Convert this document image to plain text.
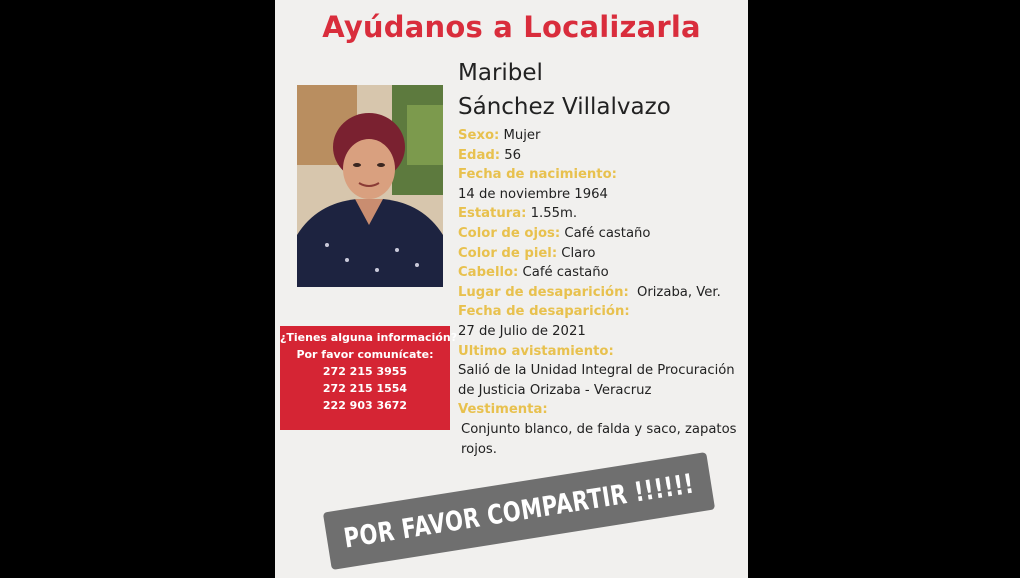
Ayúdanos a Localizarla
Maribel
Sánchez Villalvazo
Sexo: Mujer
Edad: 56
Fecha de nacimiento:
14 de noviembre 1964
Estatura: 1.55m.
Color de ojos: Café castaño
Color de piel: Claro
Cabello: Café castaño
Lugar de desaparición: Orizaba, Ver.
Fecha de desaparición:
27 de Julio de 2021
Ultimo avistamiento:
Salió de la Unidad Integral de Procuración de Justicia Orizaba - Veracruz
Vestimenta:
Conjunto blanco, de falda y saco, zapatos rojos.
¿Tienes alguna información?
Por favor comunícate:
272 215 3955
272 215 1554
222 903 3672
POR FAVOR COMPARTIR !!!!!!
